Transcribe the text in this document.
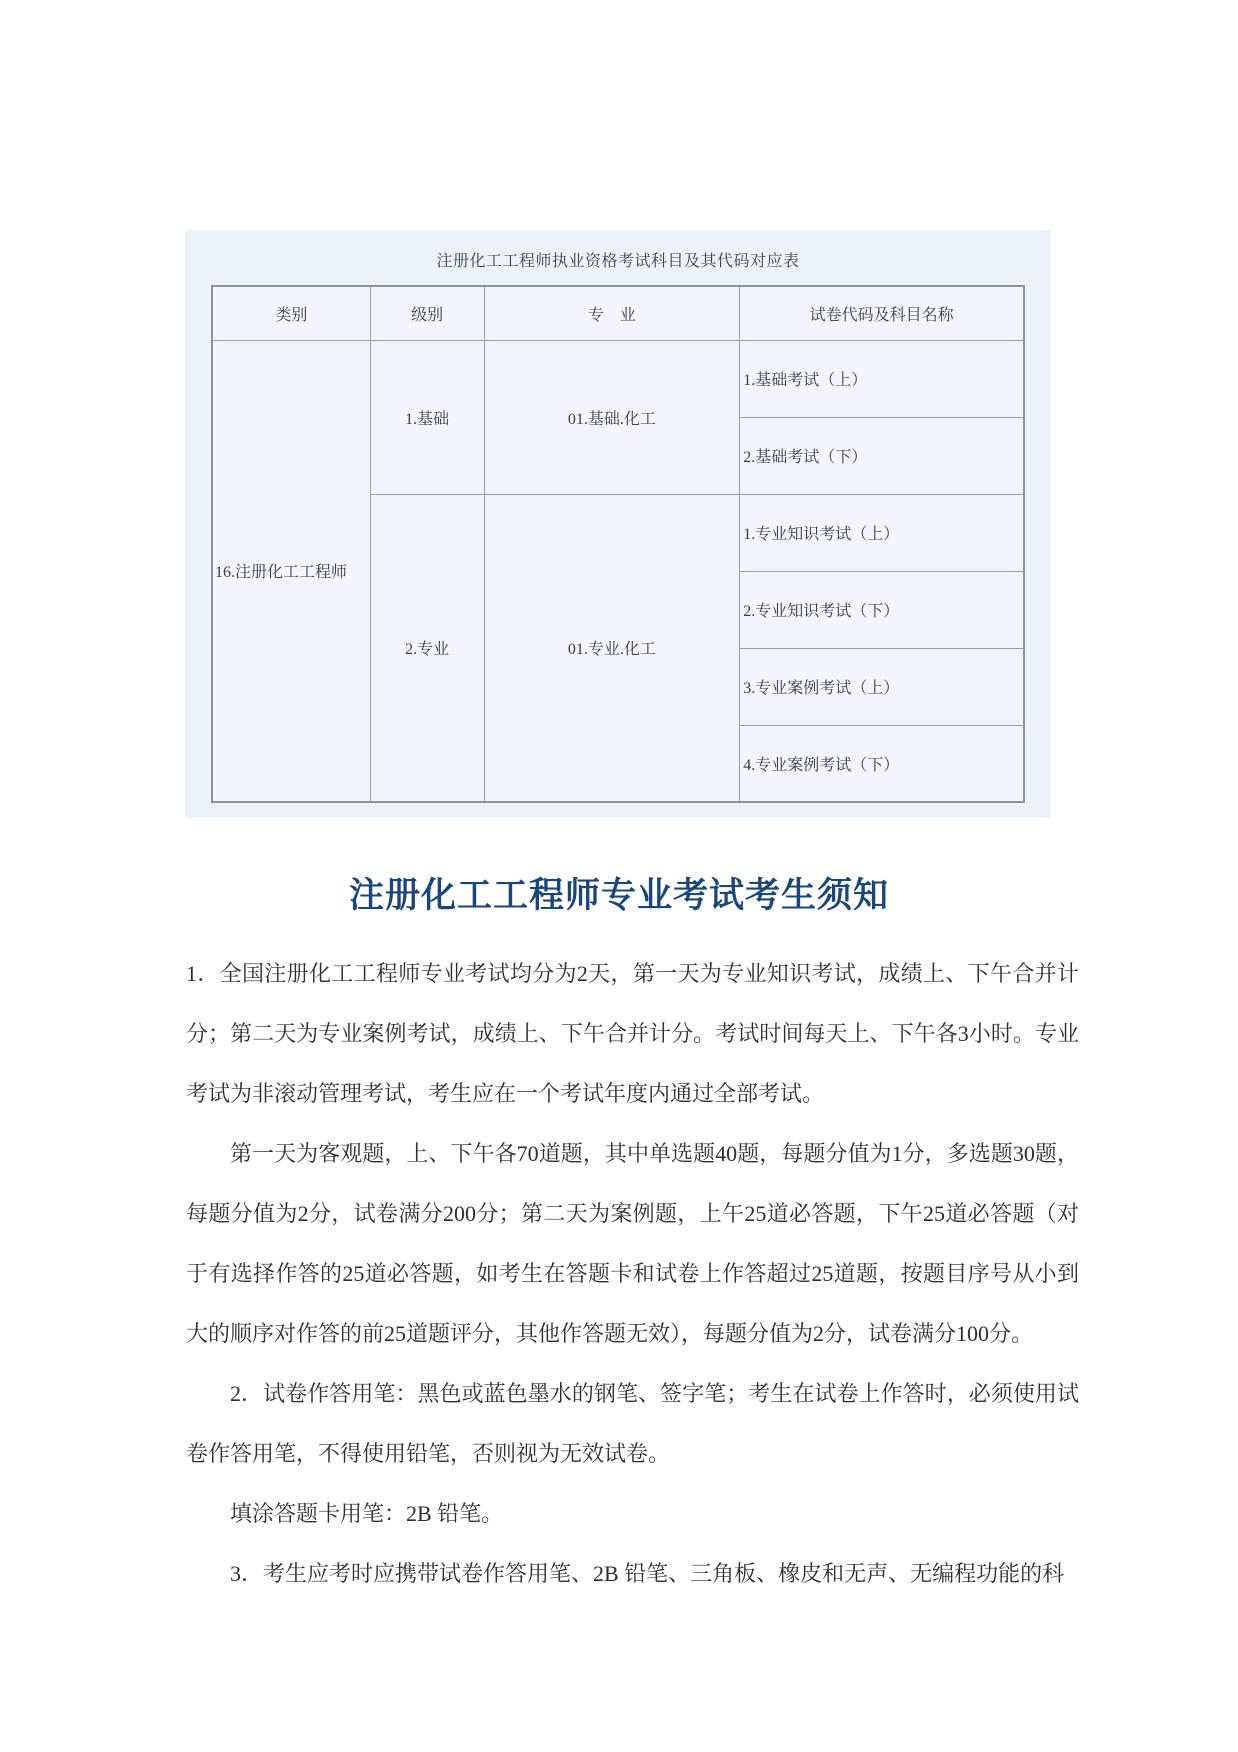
注册化工工程师执业资格考试科目及其代码对应表
类别	级别	专　业	试卷代码及科目名称
16.注册化工工程师	1.基础	01.基础.化工	1.基础考试（上）
			2.基础考试（下）
	2.专业	01.专业.化工	1.专业知识考试（上）
			2.专业知识考试（下）
			3.专业案例考试（上）
			4.专业案例考试（下）
注册化工工程师专业考试考生须知

1．全国注册化工工程师专业考试均分为2天，第一天为专业知识考试，成绩上、下午合并计分；第二天为专业案例考试，成绩上、下午合并计分。考试时间每天上、下午各3小时。专业考试为非滚动管理考试，考生应在一个考试年度内通过全部考试。

第一天为客观题，上、下午各70道题，其中单选题40题，每题分值为1分，多选题30题，每题分值为2分，试卷满分200分；第二天为案例题，上午25道必答题，下午25道必答题（对于有选择作答的25道必答题，如考生在答题卡和试卷上作答超过25道题，按题目序号从小到大的顺序对作答的前25道题评分，其他作答题无效），每题分值为2分，试卷满分100分。

2．试卷作答用笔：黑色或蓝色墨水的钢笔、签字笔；考生在试卷上作答时，必须使用试卷作答用笔，不得使用铅笔，否则视为无效试卷。

填涂答题卡用笔：2B 铅笔。

3．考生应考时应携带试卷作答用笔、2B 铅笔、三角板、橡皮和无声、无编程功能的科
